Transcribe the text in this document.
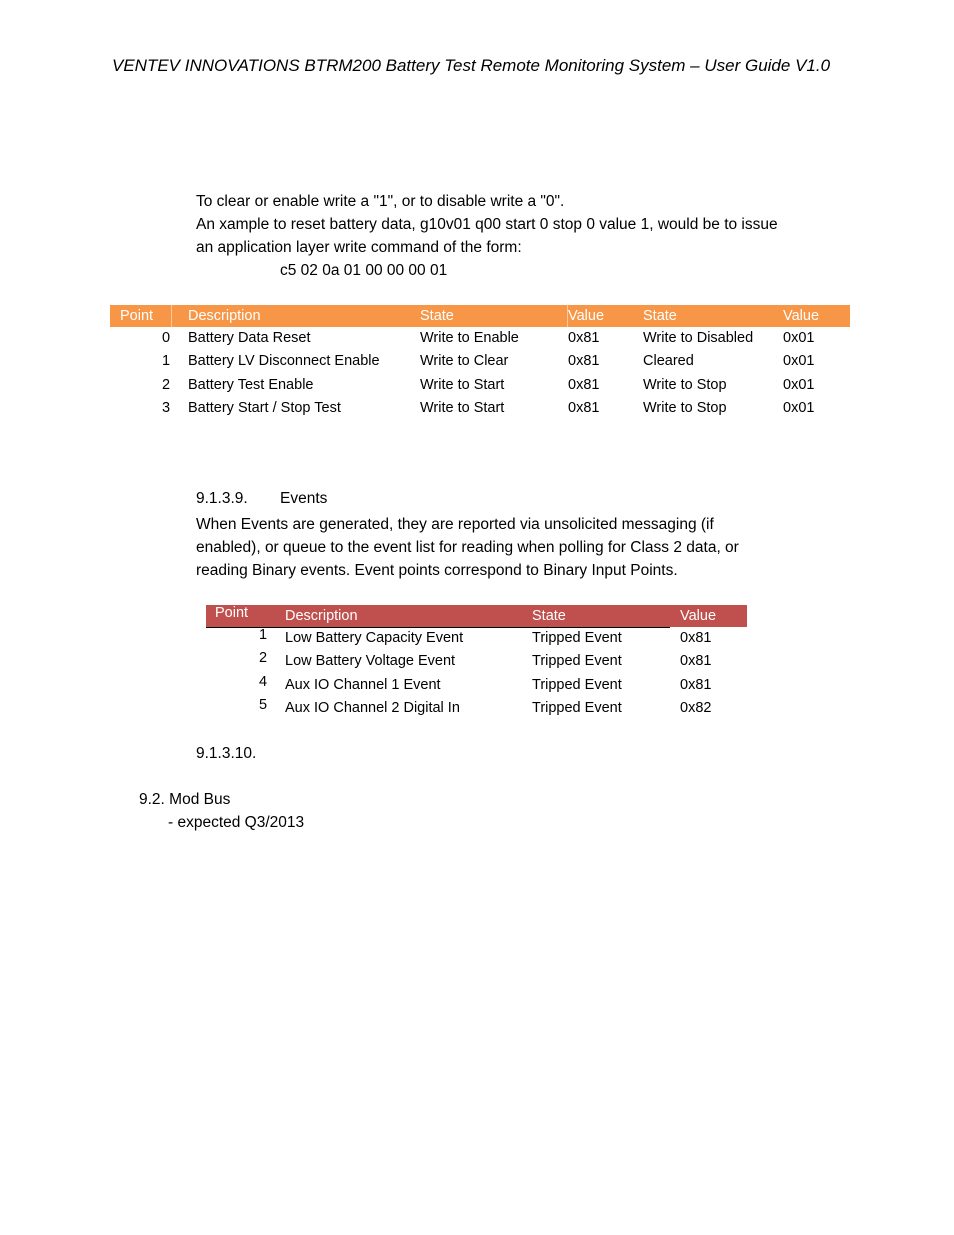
VENTEV INNOVATIONS BTRM200 Battery Test Remote Monitoring System – User Guide V1.0
To clear or enable write a "1", or to disable write a "0".
An xample to reset battery data, g10v01 q00 start 0 stop 0 value 1, would be to issue
an application layer write command of the form:
c5 02 0a 01 00 00 00 01
Point Description	State	Value	State	Value
0 Battery Data Reset	Write to Enable	0x81	Write to Disabled 0x01
1 Battery LV Disconnect Enable	Write to Clear	0x81	Cleared	0x01
2 Battery Test Enable	Write to Start	0x81	Write to Stop	0x01
3 Battery Start / Stop Test	Write to Start	0x81	Write to Stop	0x01
9.1.3.9. Events
When Events are generated, they are reported via unsolicited messaging (if
enabled), or queue to the event list for reading when polling for Class 2 data, or
reading Binary events. Event points correspond to Binary Input Points.
Point	Description	State	Value
1 Low Battery Capacity Event	Tripped Event	0x81
2 Low Battery Voltage Event	Tripped Event	0x81
4 Aux IO Channel 1 Event	Tripped Event	0x81
5 Aux IO Channel 2 Digital In	Tripped Event	0x82
9.1.3.10.
9.2. Mod Bus
- expected Q3/2013
